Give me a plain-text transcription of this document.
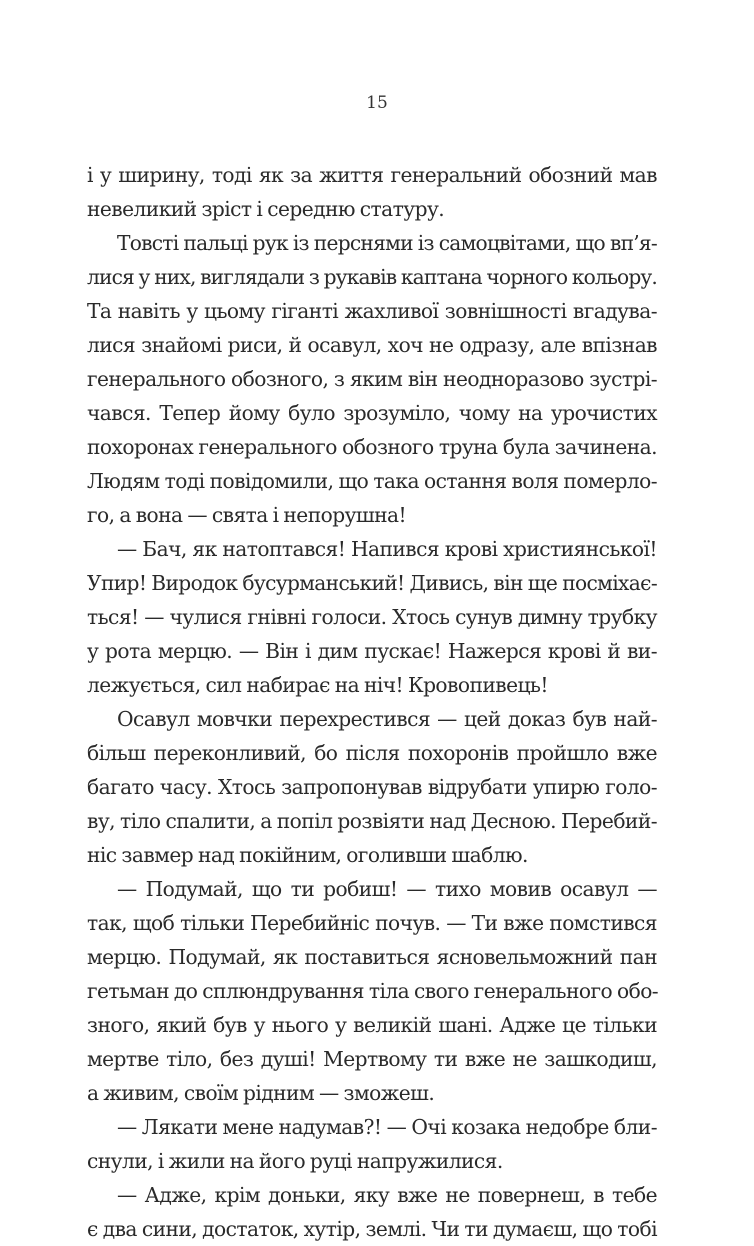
15
і у ширину, тоді як за життя генеральний обозний мав
невеликий зріст і середню статуру.
Товсті пальці рук із перснями із самоцвітами, що вп’я-
лися у них, виглядали з рукавів каптана чорного кольору.
Та навіть у цьому гіганті жахливої зовнішності вгадува-
лися знайомі риси, й осавул, хоч не одразу, але впізнав
генерального обозного, з яким він неодноразово зустрі-
чався. Тепер йому було зрозуміло, чому на урочистих
похоронах генерального обозного труна була зачинена.
Людям тоді повідомили, що така остання воля померло-
го, а вона — свята і непорушна!
— Бач, як натоптався! Напився крові християнської!
Упир! Виродок бусурманський! Дивись, він ще посміхає-
ться! — чулися гнівні голоси. Хтось сунув димну трубку
у рота мерцю. — Він і дим пускає! Нажерся крові й ви-
лежується, сил набирає на ніч! Кровопивець!
Осавул мовчки перехрестився — цей доказ був най-
більш переконливий, бо після похоронів пройшло вже
багато часу. Хтось запропонував відрубати упирю голо-
ву, тіло спалити, а попіл розвіяти над Десною. Перебий-
ніс завмер над покійним, оголивши шаблю.
— Подумай, що ти робиш! — тихо мовив осавул —
так, щоб тільки Перебийніс почув. — Ти вже помстився
мерцю. Подумай, як поставиться ясновельможний пан
гетьман до сплюндрування тіла свого генерального обо-
зного, який був у нього у великій шані. Адже це тільки
мертве тіло, без душі! Мертвому ти вже не зашкодиш,
а живим, своїм рідним — зможеш.
— Лякати мене надумав?! — Очі козака недобре бли-
снули, і жили на його руці напружилися.
— Адже, крім доньки, яку вже не повернеш, в тебе
є два сини, достаток, хутір, землі. Чи ти думаєш, що тобі
